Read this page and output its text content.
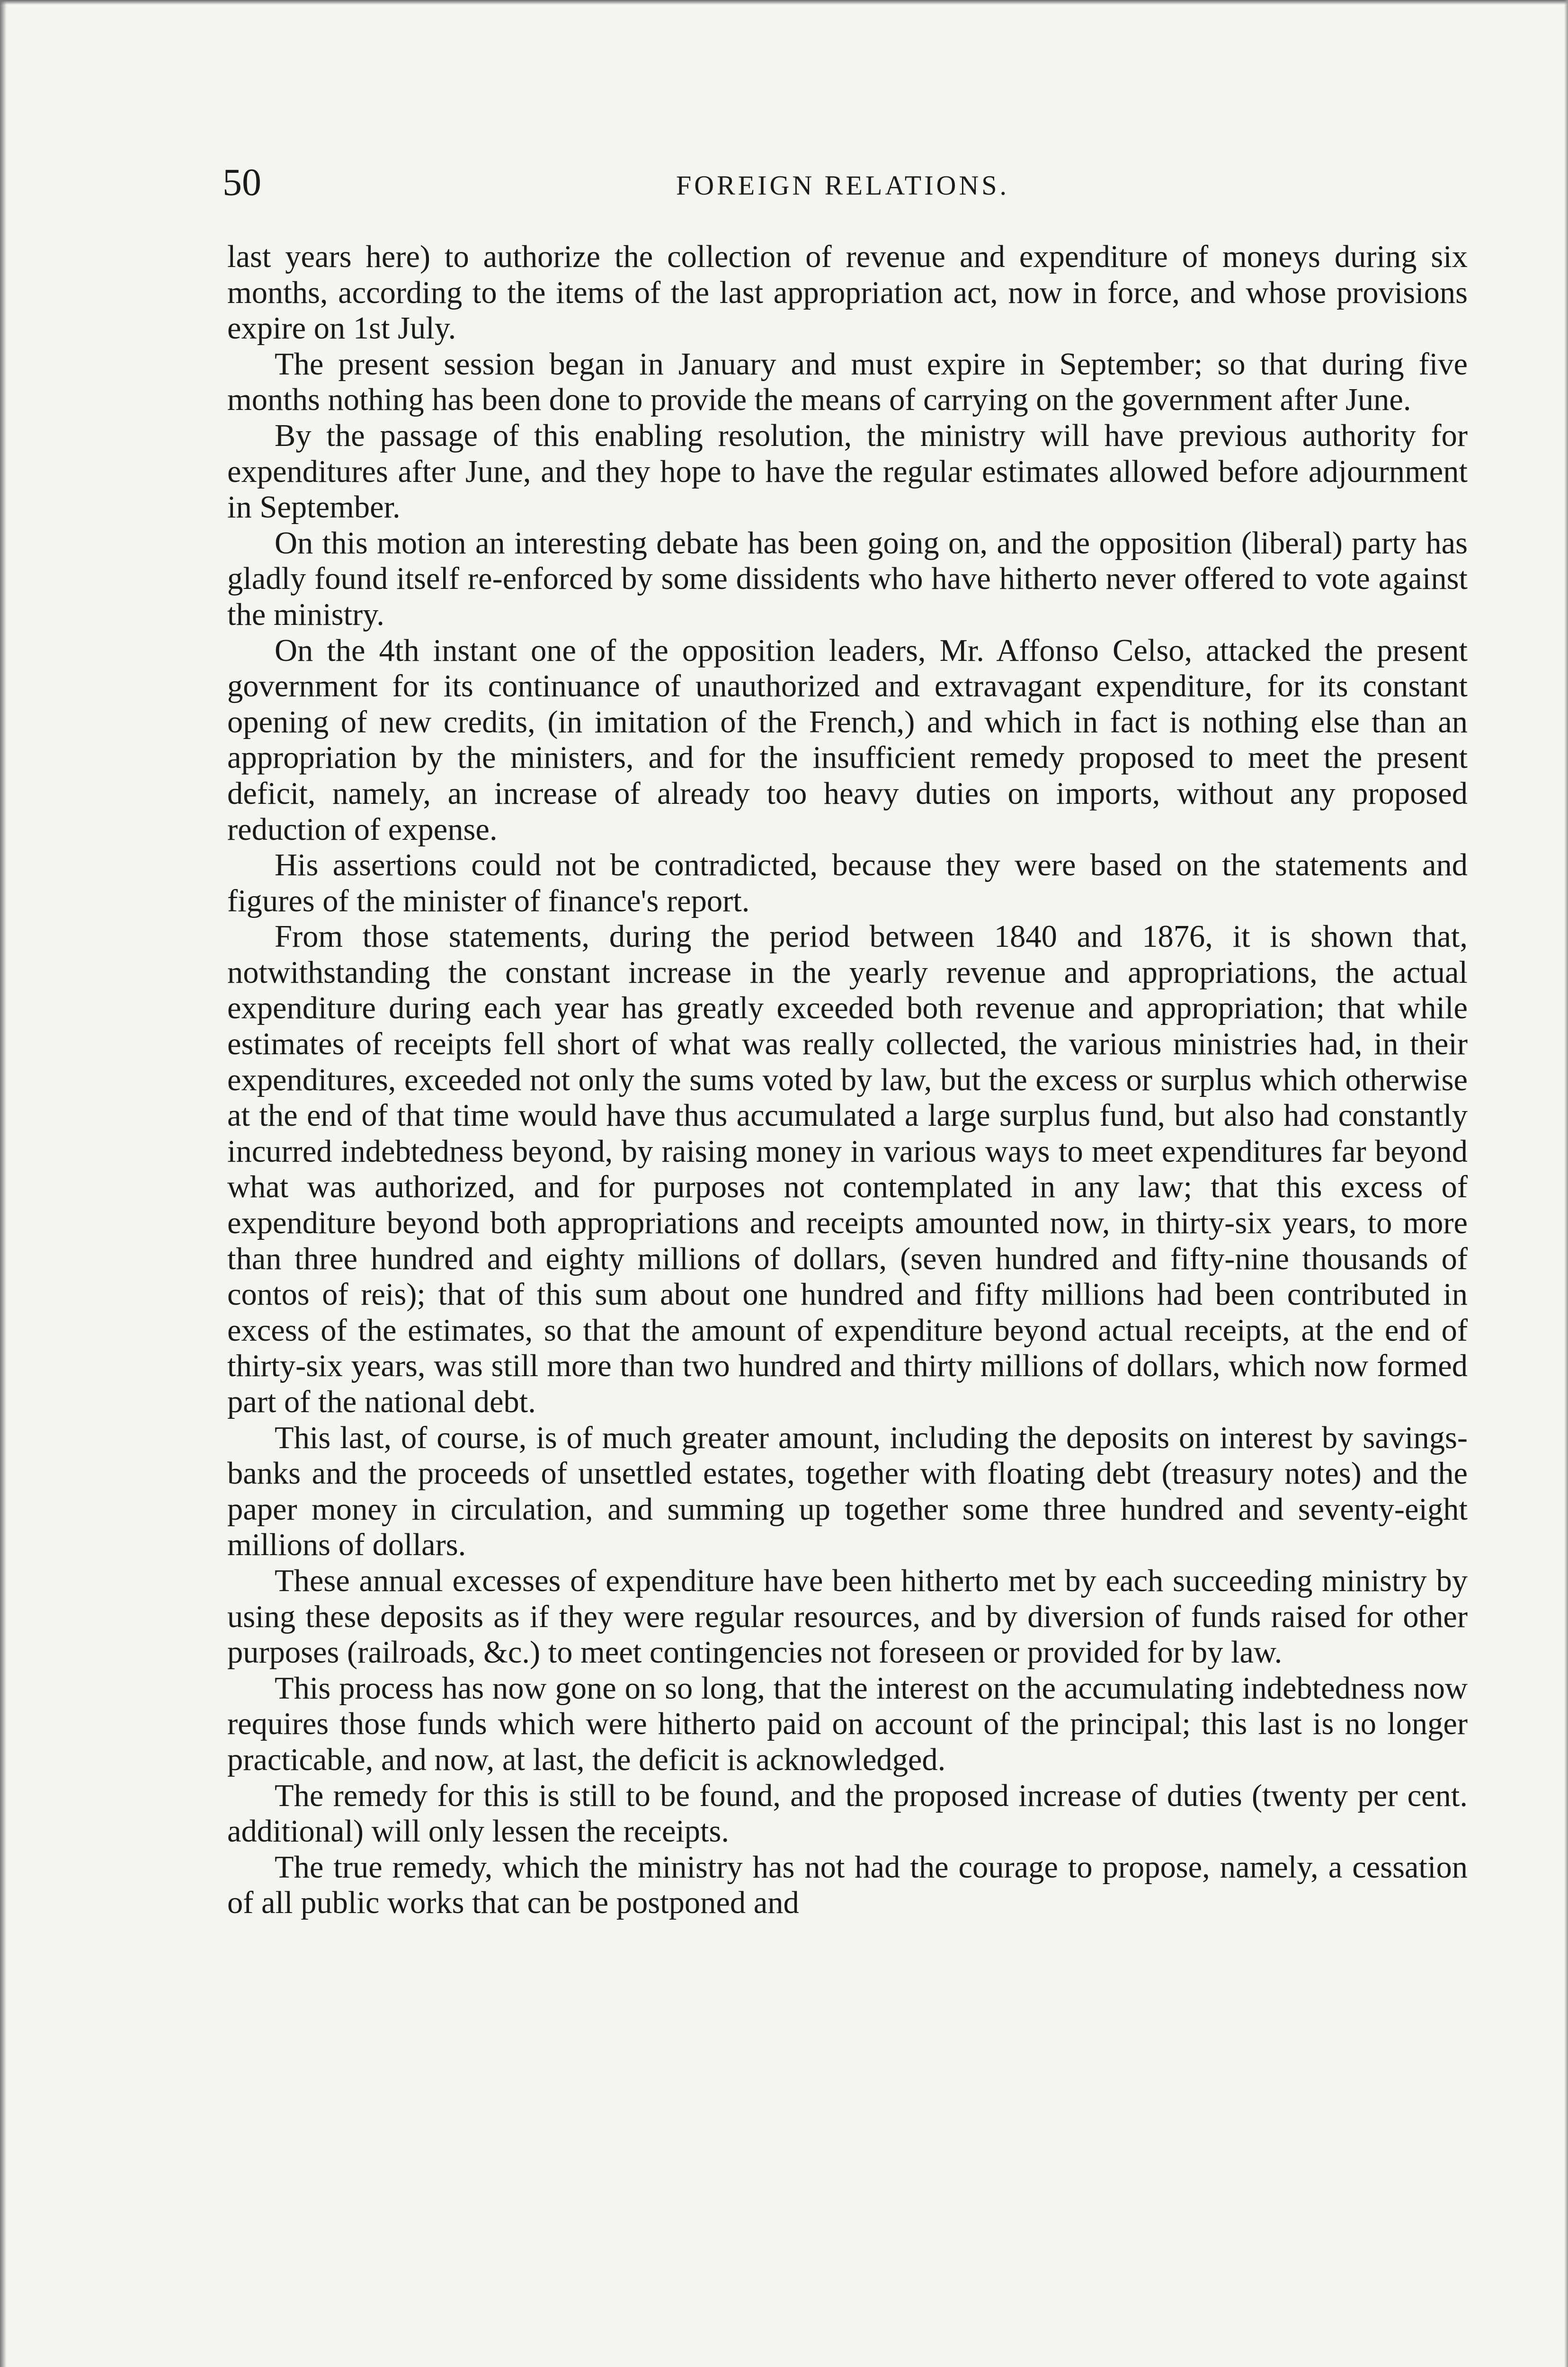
50	FOREIGN RELATIONS.

last years here) to authorize the collection of revenue and expenditure of moneys during six months, according to the items of the last appropriation act, now in force, and whose provisions expire on 1st July.

The present session began in January and must expire in September; so that during five months nothing has been done to provide the means of carrying on the government after June.

By the passage of this enabling resolution, the ministry will have previous authority for expenditures after June, and they hope to have the regular estimates allowed before adjournment in September.

On this motion an interesting debate has been going on, and the opposition (liberal) party has gladly found itself re-enforced by some dissidents who have hitherto never offered to vote against the ministry.

On the 4th instant one of the opposition leaders, Mr. Affonso Celso, attacked the present government for its continuance of unauthorized and extravagant expenditure, for its constant opening of new credits, (in imitation of the French,) and which in fact is nothing else than an appropriation by the ministers, and for the insufficient remedy proposed to meet the present deficit, namely, an increase of already too heavy duties on imports, without any proposed reduction of expense.

His assertions could not be contradicted, because they were based on the statements and figures of the minister of finance's report.

From those statements, during the period between 1840 and 1876, it is shown that, notwithstanding the constant increase in the yearly revenue and appropriations, the actual expenditure during each year has greatly exceeded both revenue and appropriation; that while estimates of receipts fell short of what was really collected, the various ministries had, in their expenditures, exceeded not only the sums voted by law, but the excess or surplus which otherwise at the end of that time would have thus accumulated a large surplus fund, but also had constantly incurred indebtedness beyond, by raising money in various ways to meet expenditures far beyond what was authorized, and for purposes not contemplated in any law; that this excess of expenditure beyond both appropriations and receipts amounted now, in thirty-six years, to more than three hundred and eighty millions of dollars, (seven hundred and fifty-nine thousands of contos of reis); that of this sum about one hundred and fifty millions had been contributed in excess of the estimates, so that the amount of expenditure beyond actual receipts, at the end of thirty-six years, was still more than two hundred and thirty millions of dollars, which now formed part of the national debt.

This last, of course, is of much greater amount, including the deposits on interest by savings-banks and the proceeds of unsettled estates, together with floating debt (treasury notes) and the paper money in circulation, and summing up together some three hundred and seventy-eight millions of dollars.

These annual excesses of expenditure have been hitherto met by each succeeding ministry by using these deposits as if they were regular resources, and by diversion of funds raised for other purposes (railroads, &c.) to meet contingencies not foreseen or provided for by law.

This process has now gone on so long, that the interest on the accumulating indebtedness now requires those funds which were hitherto paid on account of the principal; this last is no longer practicable, and now, at last, the deficit is acknowledged.

The remedy for this is still to be found, and the proposed increase of duties (twenty per cent. additional) will only lessen the receipts.

The true remedy, which the ministry has not had the courage to propose, namely, a cessation of all public works that can be postponed and
